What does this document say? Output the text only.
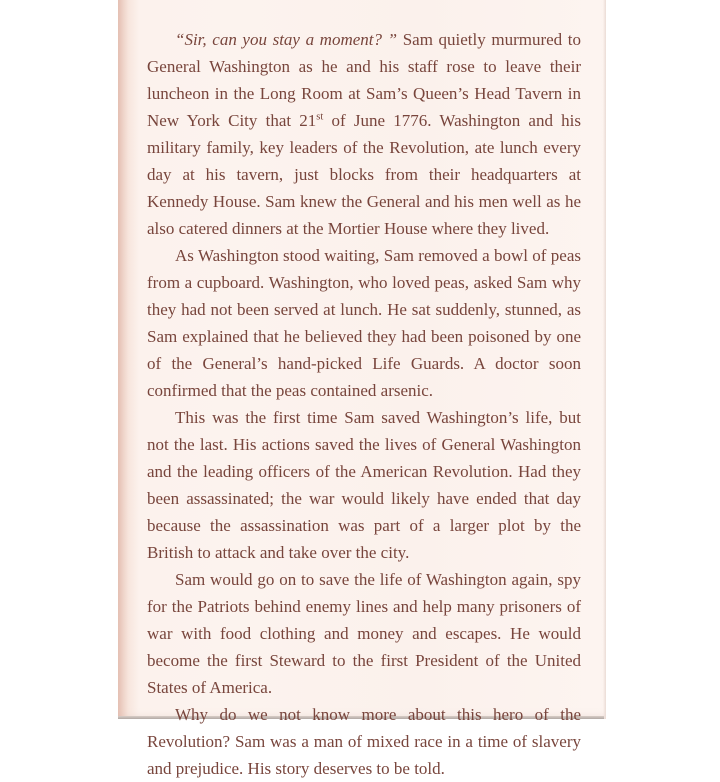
“Sir, can you stay a moment? ” Sam quietly murmured to General Washington as he and his staff rose to leave their luncheon in the Long Room at Sam’s Queen’s Head Tavern in New York City that 21st of June 1776. Washington and his military family, key leaders of the Revolution, ate lunch every day at his tavern, just blocks from their headquarters at Kennedy House. Sam knew the General and his men well as he also catered dinners at the Mortier House where they lived.

As Washington stood waiting, Sam removed a bowl of peas from a cupboard. Washington, who loved peas, asked Sam why they had not been served at lunch. He sat suddenly, stunned, as Sam explained that he believed they had been poisoned by one of the General’s hand-picked Life Guards. A doctor soon confirmed that the peas contained arsenic.

This was the first time Sam saved Washington’s life, but not the last. His actions saved the lives of General Washington and the leading officers of the American Revolution. Had they been assassinated; the war would likely have ended that day because the assassination was part of a larger plot by the British to attack and take over the city.

Sam would go on to save the life of Washington again, spy for the Patriots behind enemy lines and help many prisoners of war with food clothing and money and escapes. He would become the first Steward to the first President of the United States of America.

Why do we not know more about this hero of the Revolution? Sam was a man of mixed race in a time of slavery and prejudice. His story deserves to be told.
